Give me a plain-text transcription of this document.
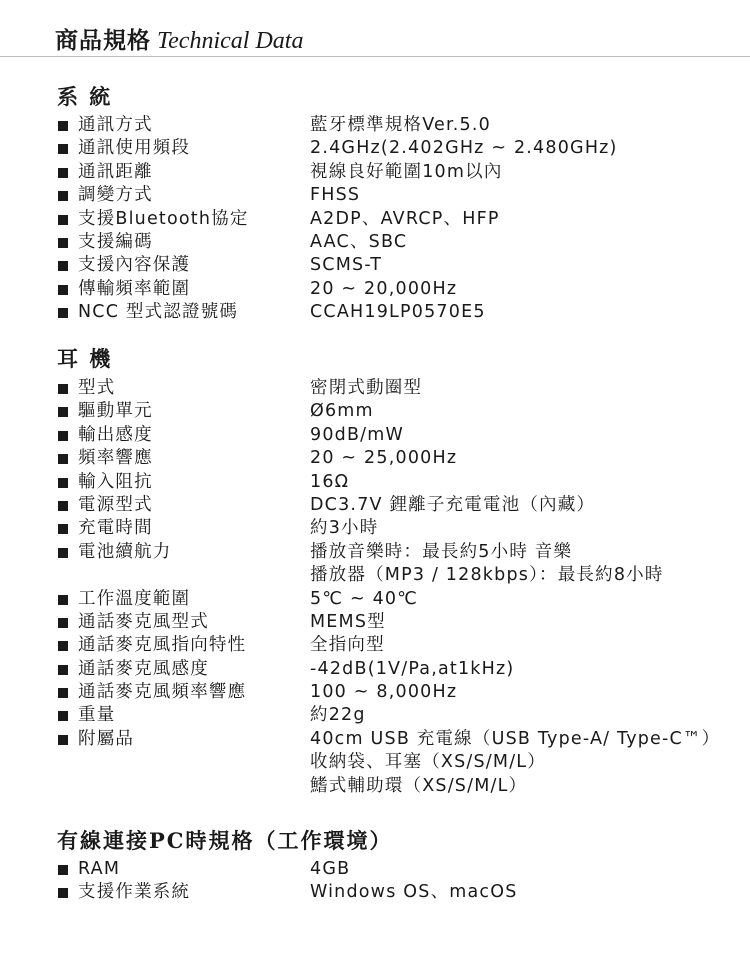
商品規格 Technical Data
系 統
通訊方式	藍牙標準規格Ver.5.0
通訊使用頻段	2.4GHz(2.402GHz ~ 2.480GHz)
通訊距離	視線良好範圍10m以內
調變方式	FHSS
支援Bluetooth協定	A2DP、AVRCP、HFP
支援編碼	AAC、SBC
支援內容保護	SCMS-T
傳輸頻率範圍	20 ~ 20,000Hz
NCC 型式認證號碼	CCAH19LP0570E5
耳 機
型式	密閉式動圈型
驅動單元	Ø6mm
輸出感度	90dB/mW
頻率響應	20 ~ 25,000Hz
輸入阻抗	16Ω
電源型式	DC3.7V 鋰離子充電電池（內藏）
充電時間	約3小時
電池續航力	播放音樂時：最長約5小時 音樂
播放器（MP3 / 128kbps）：最長約8小時
工作溫度範圍	5℃ ~ 40℃
通話麥克風型式	MEMS型
通話麥克風指向特性	全指向型
通話麥克風感度	-42dB(1V/Pa,at1kHz)
通話麥克風頻率響應	100 ~ 8,000Hz
重量	約22g
附屬品	40cm USB 充電線（USB Type-A/ Type-C™）
收納袋、耳塞（XS/S/M/L）
鰭式輔助環（XS/S/M/L）
有線連接PC時規格（工作環境）
RAM	4GB
支援作業系統	Windows OS、macOS
